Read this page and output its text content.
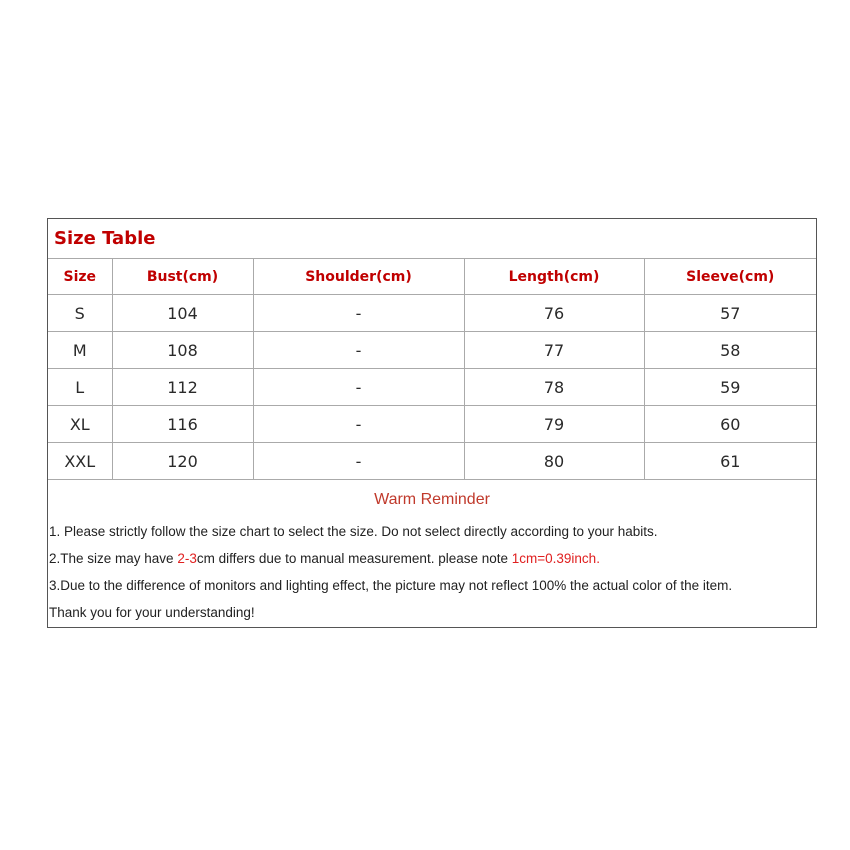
Size Table
Size	Bust(cm)	Shoulder(cm)	Length(cm)	Sleeve(cm)
S	104	-	76	57
M	108	-	77	58
L	112	-	78	59
XL	116	-	79	60
XXL	120	-	80	61
Warm Reminder
1. Please strictly follow the size chart to select the size. Do not select directly according to your habits.
2.The size may have 2-3cm differs due to manual measurement. please note 1cm=0.39inch.
3.Due to the difference of monitors and lighting effect, the picture may not reflect 100% the actual color of the item.
Thank you for your understanding!
